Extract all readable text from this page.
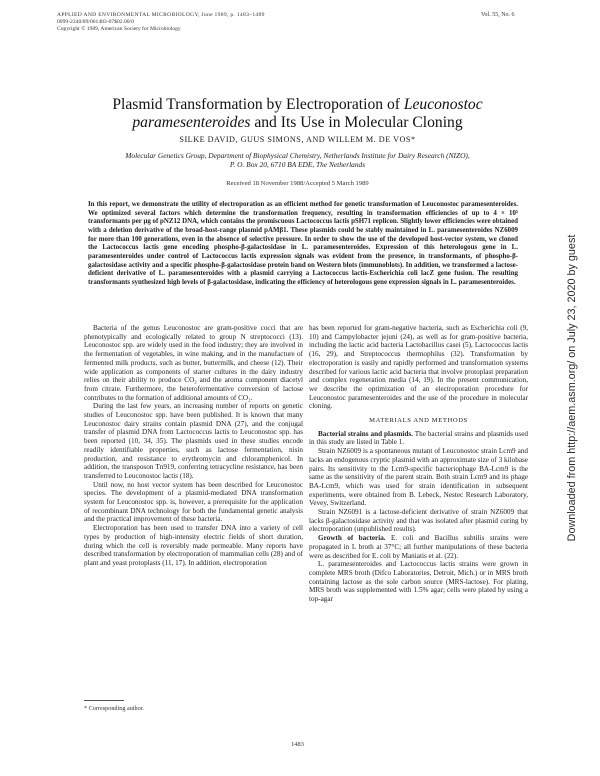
APPLIED AND ENVIRONMENTAL MICROBIOLOGY, June 1989, p. 1483–1489
0099-2240/89/061483-07$02.00/0
Copyright © 1989, American Society for Microbiology
Vol. 55, No. 6
Plasmid Transformation by Electroporation of Leuconostoc
paramesenteroides and Its Use in Molecular Cloning
SILKE DAVID, GUUS SIMONS, AND WILLEM M. DE VOS*
Molecular Genetics Group, Department of Biophysical Chemistry, Netherlands Institute for Dairy Research (NIZO),
P. O. Box 20, 6710 BA EDE, The Netherlands
Received 18 November 1988/Accepted 5 March 1989

In this report, we demonstrate the utility of electroporation as an efficient method for genetic transformation of Leuconostoc paramesenteroides. We optimized several factors which determine the transformation frequency, resulting in transformation efficiencies of up to 4 × 10⁵ transformants per μg of pNZ12 DNA, which contains the promiscuous Lactococcus lactis pSH71 replicon. Slightly lower efficiencies were obtained with a deletion derivative of the broad-host-range plasmid pAMβ1. These plasmids could be stably maintained in L. paramesenteroides NZ6009 for more than 100 generations, even in the absence of selective pressure. In order to show the use of the developed host-vector system, we cloned the Lactococcus lactis gene encoding phospho-β-galactosidase in L. paramesenteroides. Expression of this heterologous gene in L. paramesenteroides under control of Lactococcus lactis expression signals was evident from the presence, in transformants, of phospho-β-galactosidase activity and a specific phospho-β-galactosidase protein band on Western blots (immunoblots). In addition, we transformed a lactose-deficient derivative of L. paramesenteroides with a plasmid carrying a Lactococcus lactis-Escherichia coli lacZ gene fusion. The resulting transformants synthesized high levels of β-galactosidase, indicating the efficiency of heterologous gene expression signals in L. paramesenteroides.

Bacteria of the genus Leuconostoc are gram-positive cocci that are phenotypically and ecologically related to group N streptococci (13). Leuconostoc spp. are widely used in the food industry; they are involved in the fermentation of vegetables, in wine making, and in the manufacture of fermented milk products, such as butter, buttermilk, and cheese (12). Their wide application as components of starter cultures in the dairy industry relies on their ability to produce CO₂ and the aroma component diacetyl from citrate. Furthermore, the heterofermentative conversion of lactose contributes to the formation of additional amounts of CO₂.

During the last few years, an increasing number of reports on genetic studies of Leuconostoc spp. have been published. It is known that many Leuconostoc dairy strains contain plasmid DNA (27), and the conjugal transfer of plasmid DNA from Lactococcus lactis to Leuconostoc spp. has been reported (10, 34, 35). The plasmids used in these studies encode readily identifiable properties, such as lactose fermentation, nisin production, and resistance to erythromycin and chloramphenicol. In addition, the transposon Tn919, conferring tetracycline resistance, has been transferred to Leuconostoc lactis (18).

Until now, no host vector system has been described for Leuconostoc species. The development of a plasmid-mediated DNA transformation system for Leuconostoc spp. is, however, a prerequisite for the application of recombinant DNA technology for both the fundamental genetic analysis and the practical improvement of these bacteria.

Electroporation has been used to transfer DNA into a variety of cell types by production of high-intensity electric fields of short duration, during which the cell is reversibly made permeable. Many reports have described transformation by electroporation of mammalian cells (28) and of plant and yeast protoplasts (11, 17). In addition, electroporation

has been reported for gram-negative bacteria, such as Escherichia coli (9, 10) and Campylobacter jejuni (24), as well as for gram-positive bacteria, including the lactic acid bacteria Lactobacillus casei (5), Lactococcus lactis (16, 29), and Streptococcus thermophilus (32). Transformation by electroporation is easily and rapidly performed and transformation systems described for various lactic acid bacteria that involve protoplast preparation and complex regeneration media (14, 19). In the present communication, we describe the optimization of an electroporation procedure for Leuconostoc paramesenteroides and the use of the procedure in molecular cloning.

MATERIALS AND METHODS

Bacterial strains and plasmids. The bacterial strains and plasmids used in this study are listed in Table 1.

Strain NZ6009 is a spontaneous mutant of Leuconostoc strain Lcm9 and lacks an endogenous cryptic plasmid with an approximate size of 3 kilobase pairs. Its sensitivity to the Lcm9-specific bacteriophage BA-Lcm9 is the same as the sensitivity of the parent strain. Both strain Lcm9 and its phage BA-Lcm9, which was used for strain identification in subsequent experiments, were obtained from B. Lebeck, Nestec Research Laboratory, Vevey, Switzerland.

Strain NZ6091 is a lactose-deficient derivative of strain NZ6009 that lacks β-galactosidase activity and that was isolated after plasmid curing by electroporation (unpublished results).

Growth of bacteria. E. coli and Bacillus subtilis strains were propagated in L broth at 37°C; all further manipulations of these bacteria were as described for E. coli by Maniatis et al. (22).

L. paramesenteroides and Lactococcus lactis strains were grown in complete MRS broth (Difco Laboratories, Detroit, Mich.) or in MRS broth containing lactose as the sole carbon source (MRS-lactose). For plating, MRS broth was supplemented with 1.5% agar; cells were plated by using a top-agar

* Corresponding author.
1483
Downloaded from http://aem.asm.org/ on July 23, 2020 by guest
